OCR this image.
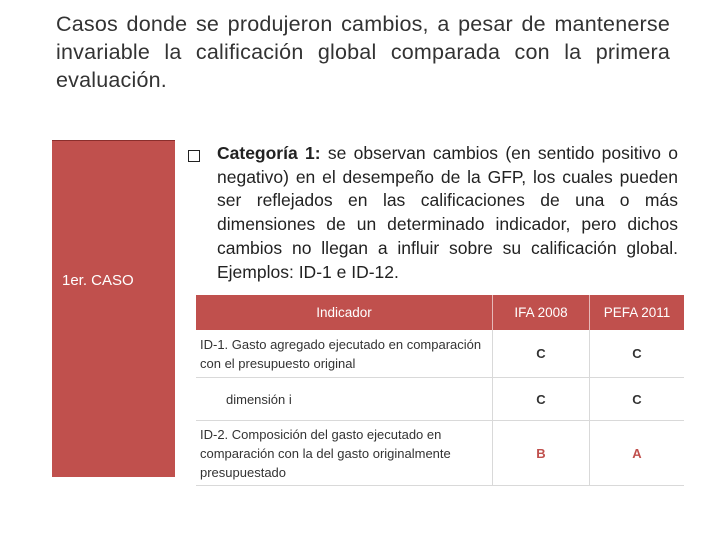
Casos donde se produjeron cambios, a pesar de mantenerse invariable la calificación global comparada con la primera evaluación.
1er. CASO
Categoría 1: se observan cambios (en sentido positivo o negativo) en el desempeño de la GFP, los cuales pueden ser reflejados en las calificaciones de una o más dimensiones de un determinado indicador, pero dichos cambios no llegan a influir sobre su calificación global. Ejemplos: ID-1 e ID-12.
Indicador	IFA 2008	PEFA 2011
ID-1. Gasto agregado ejecutado en comparación con el presupuesto original	C	C
dimensión i	C	C
ID-2. Composición del gasto ejecutado en comparación con la del gasto originalmente presupuestado	B	A
